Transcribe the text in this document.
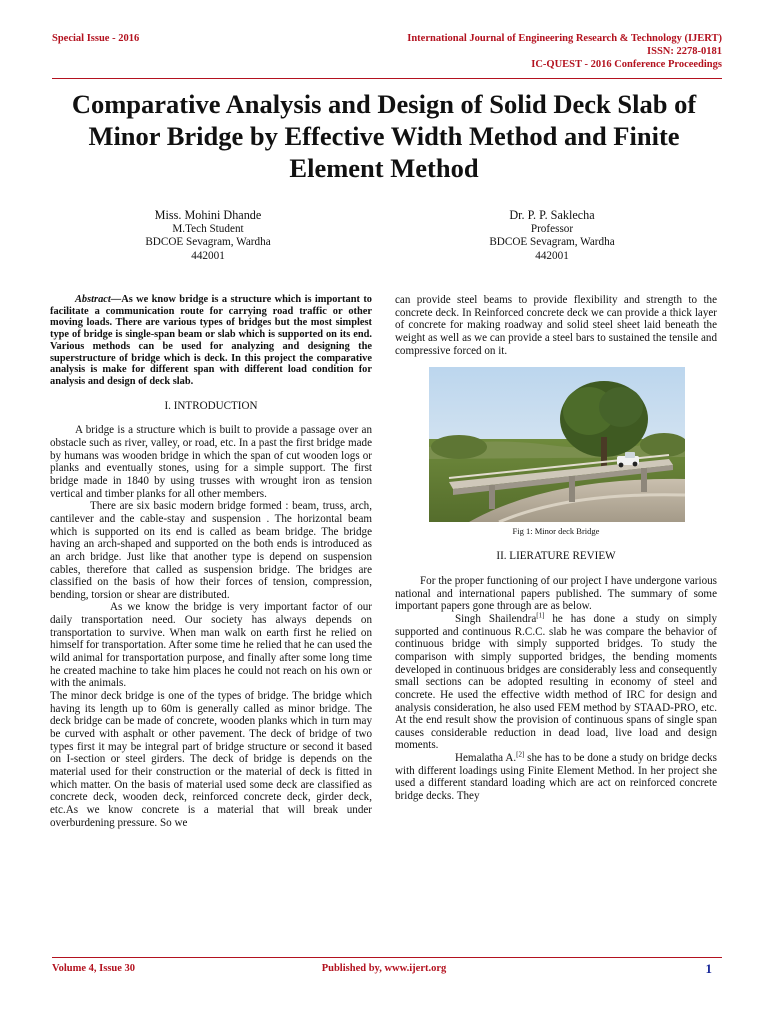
Special Issue - 2016	International Journal of Engineering Research & Technology (IJERT)
ISSN: 2278-0181
IC-QUEST - 2016 Conference Proceedings
Comparative Analysis and Design of Solid Deck Slab of Minor Bridge by Effective Width Method and Finite Element Method
Miss. Mohini Dhande
M.Tech Student
BDCOE Sevagram, Wardha
442001
Dr. P. P. Saklecha
Professor
BDCOE Sevagram, Wardha
442001

Abstract—As we know bridge is a structure which is important to facilitate a communication route for carrying road traffic or other moving loads. There are various types of bridges but the most simplest type of bridge is single-span beam or slab which is supported on its end. Various methods can be used for analyzing and designing the superstructure of bridge which is deck. In this project the comparative analysis is make for different span with different load condition for analysis and design of deck slab.

I. INTRODUCTION

A bridge is a structure which is built to provide a passage over an obstacle such as river, valley, or road, etc. In a past the first bridge made by humans was wooden bridge in which the span of cut wooden logs or planks and eventually stones, using for a simple support. The first bridge made in 1840 by using trusses with wrought iron as tension vertical and timber planks for all other members.

There are six basic modern bridge formed : beam, truss, arch, cantilever and the cable-stay and suspension . The horizontal beam which is supported on its end is called as beam bridge. The bridge having an arch-shaped and supported on the both ends is introduced as an arch bridge. Just like that another type is depend on suspension cables, therefore that called as suspension bridge. The bridges are classified on the basis of how their forces of tension, compression, bending, torsion or shear are distributed.

As we know the bridge is very important factor of our daily transportation need. Our society has always depends on transportation to survive. When man walk on earth first he relied on himself for transportation. After some time he relied that he can used the wild animal for transportation purpose, and finally after some long time he created machine to take him places he could not reach on his own or with the animals.

The minor deck bridge is one of the types of bridge. The bridge which having its length up to 60m is generally called as minor bridge. The deck bridge can be made of concrete, wooden planks which in turn may be curved with asphalt or other pavement. The deck of bridge of two types first it may be integral part of bridge structure or second it based on I-section or steel girders. The deck of bridge is depends on the material used for their construction or the material of deck is fitted in which matter. On the basis of material used some deck are classified as concrete deck, wooden deck, reinforced concrete deck, girder deck, etc.As we know concrete is a material that will break under overburdening pressure. So we

can provide steel beams to provide flexibility and strength to the concrete deck. In Reinforced concrete deck we can provide a thick layer of concrete for making roadway and solid steel sheet laid beneath the weight as well as we can provide a steel bars to sustained the tensile and compressive forced on it.

Fig 1: Minor deck Bridge

II. LIERATURE REVIEW

For the proper functioning of our project I have undergone various national and international papers published. The summary of some important papers gone through are as below.

Singh Shailendra[1] he has done a study on simply supported and continuous R.C.C. slab he was compare the behavior of continuous bridge with simply supported bridges. To study the comparison with simply supported bridges, the bending moments developed in continuous bridges are considerably less and consequently small sections can be adopted resulting in economy of steel and concrete. He used the effective width method of IRC for design and analysis consideration, he also used FEM method by STAAD-PRO, etc. At the end result show the provision of continuous spans of single span causes considerable reduction in dead load, live load and design moments.

Hemalatha A.[2] she has to be done a study on bridge decks with different loadings using Finite Element Method. In her project she used a different standard loading which are act on reinforced concrete bridge decks. They

Volume 4, Issue 30	Published by, www.ijert.org	1
